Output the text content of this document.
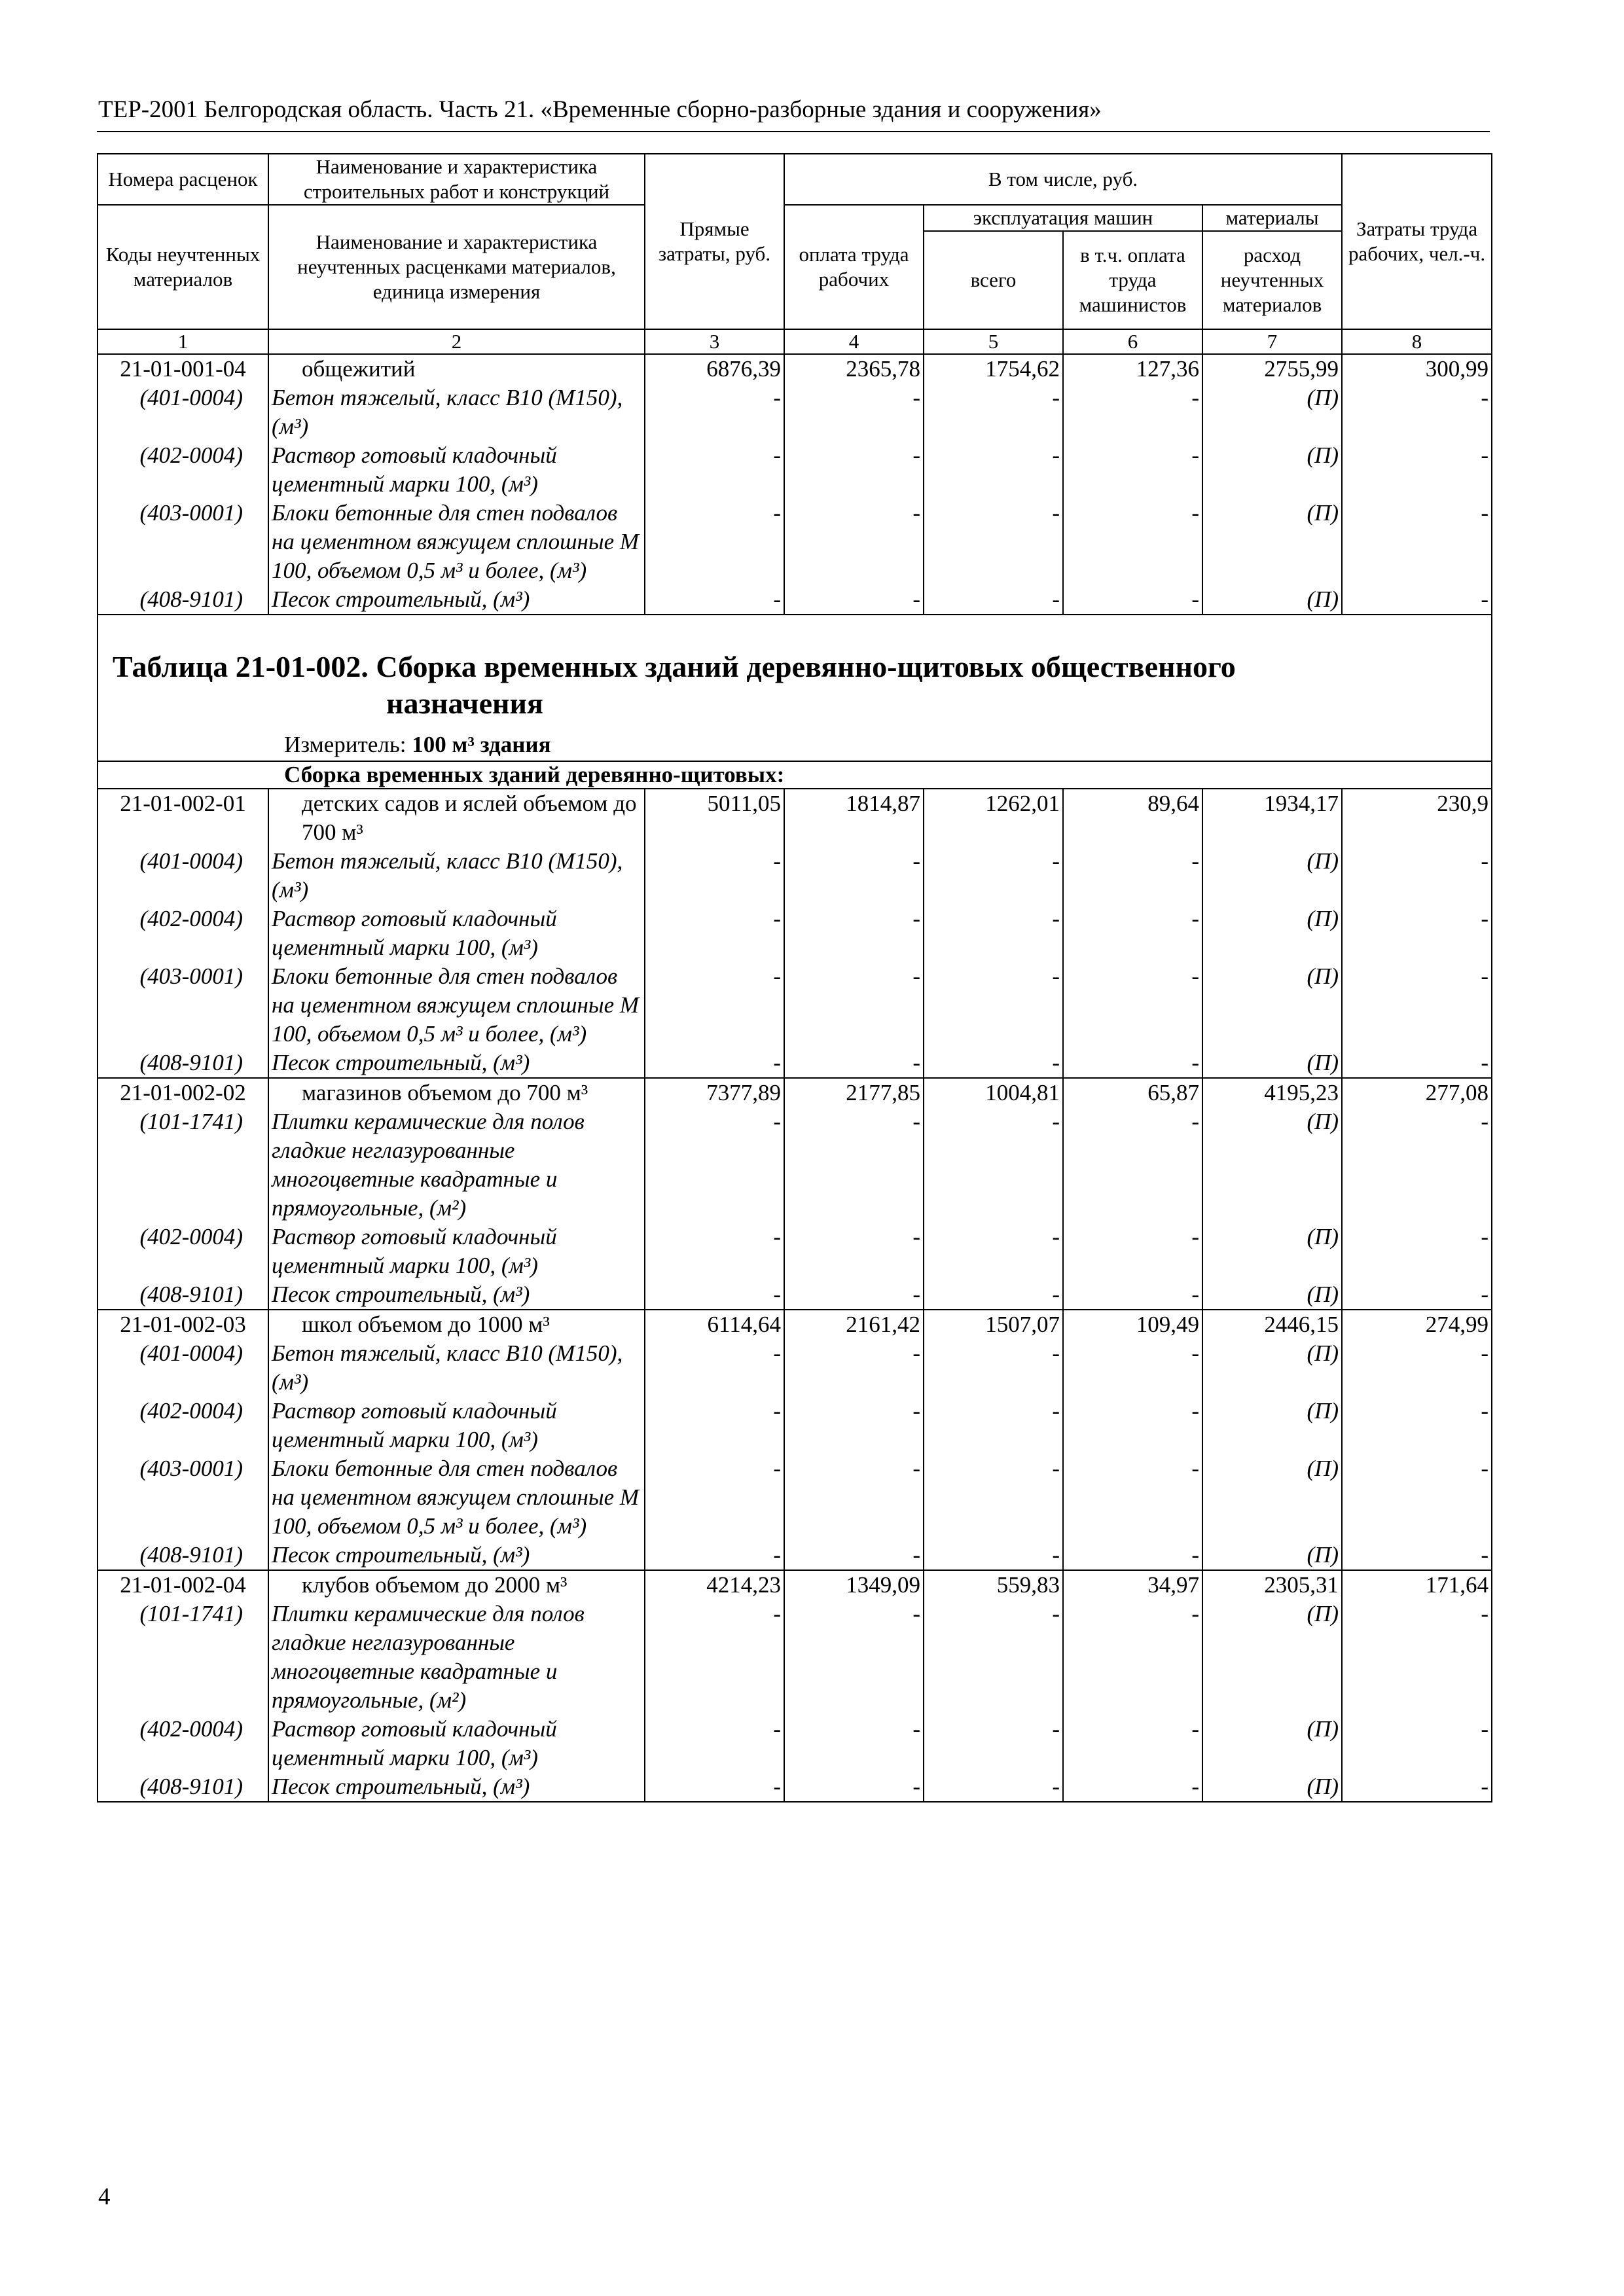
ТЕР-2001 Белгородская область. Часть 21. «Временные сборно-разборные здания и сооружения»
Номера расценок	Наименование и характеристика строительных работ и конструкций	Прямые затраты, руб.	В том числе, руб.				Затраты труда рабочих, чел.-ч.
Коды неучтенных материалов	Наименование и характеристика неучтенных расценками материалов, единица измерения		оплата труда рабочих	эксплуатация машин		материалы	
				всего	в т.ч. оплата труда машинистов	расход неучтенных материалов	
1	2	3	4	5	6	7	8
21-01-001-04	общежитий	6876,39	2365,78	1754,62	127,36	2755,99	300,99
(401-0004)	Бетон тяжелый, класс В10 (М150), (м³)	-	-	-	-	(П)	-
(402-0004)	Раствор готовый кладочный цементный марки 100, (м³)	-	-	-	-	(П)	-
(403-0001)	Блоки бетонные для стен подвалов на цементном вяжущем сплошные М 100, объемом 0,5 м³ и более, (м³)	-	-	-	-	(П)	-
(408-9101)	Песок строительный, (м³)	-	-	-	-	(П)	-

Таблица 21-01-002. Сборка временных зданий деревянно-щитовых общественного
назначения
Измеритель: 100 м³ здания							

Сборка временных зданий деревянно-щитовых:							
21-01-002-01	детских садов и яслей объемом до 700 м³	5011,05	1814,87	1262,01	89,64	1934,17	230,9
(401-0004)	Бетон тяжелый, класс В10 (М150), (м³)	-	-	-	-	(П)	-
(402-0004)	Раствор готовый кладочный цементный марки 100, (м³)	-	-	-	-	(П)	-
(403-0001)	Блоки бетонные для стен подвалов на цементном вяжущем сплошные М 100, объемом 0,5 м³ и более, (м³)	-	-	-	-	(П)	-
(408-9101)	Песок строительный, (м³)	-	-	-	-	(П)	-
21-01-002-02	магазинов объемом до 700 м³	7377,89	2177,85	1004,81	65,87	4195,23	277,08
(101-1741)	Плитки керамические для полов гладкие неглазурованные многоцветные квадратные и прямоугольные, (м²)	-	-	-	-	(П)	-
(402-0004)	Раствор готовый кладочный цементный марки 100, (м³)	-	-	-	-	(П)	-
(408-9101)	Песок строительный, (м³)	-	-	-	-	(П)	-
21-01-002-03	школ объемом до 1000 м³	6114,64	2161,42	1507,07	109,49	2446,15	274,99
(401-0004)	Бетон тяжелый, класс В10 (М150), (м³)	-	-	-	-	(П)	-
(402-0004)	Раствор готовый кладочный цементный марки 100, (м³)	-	-	-	-	(П)	-
(403-0001)	Блоки бетонные для стен подвалов на цементном вяжущем сплошные М 100, объемом 0,5 м³ и более, (м³)	-	-	-	-	(П)	-
(408-9101)	Песок строительный, (м³)	-	-	-	-	(П)	-
21-01-002-04	клубов объемом до 2000 м³	4214,23	1349,09	559,83	34,97	2305,31	171,64
(101-1741)	Плитки керамические для полов гладкие неглазурованные многоцветные квадратные и прямоугольные, (м²)	-	-	-	-	(П)	-
(402-0004)	Раствор готовый кладочный цементный марки 100, (м³)	-	-	-	-	(П)	-
(408-9101)	Песок строительный, (м³)	-	-	-	-	(П)	-
4
